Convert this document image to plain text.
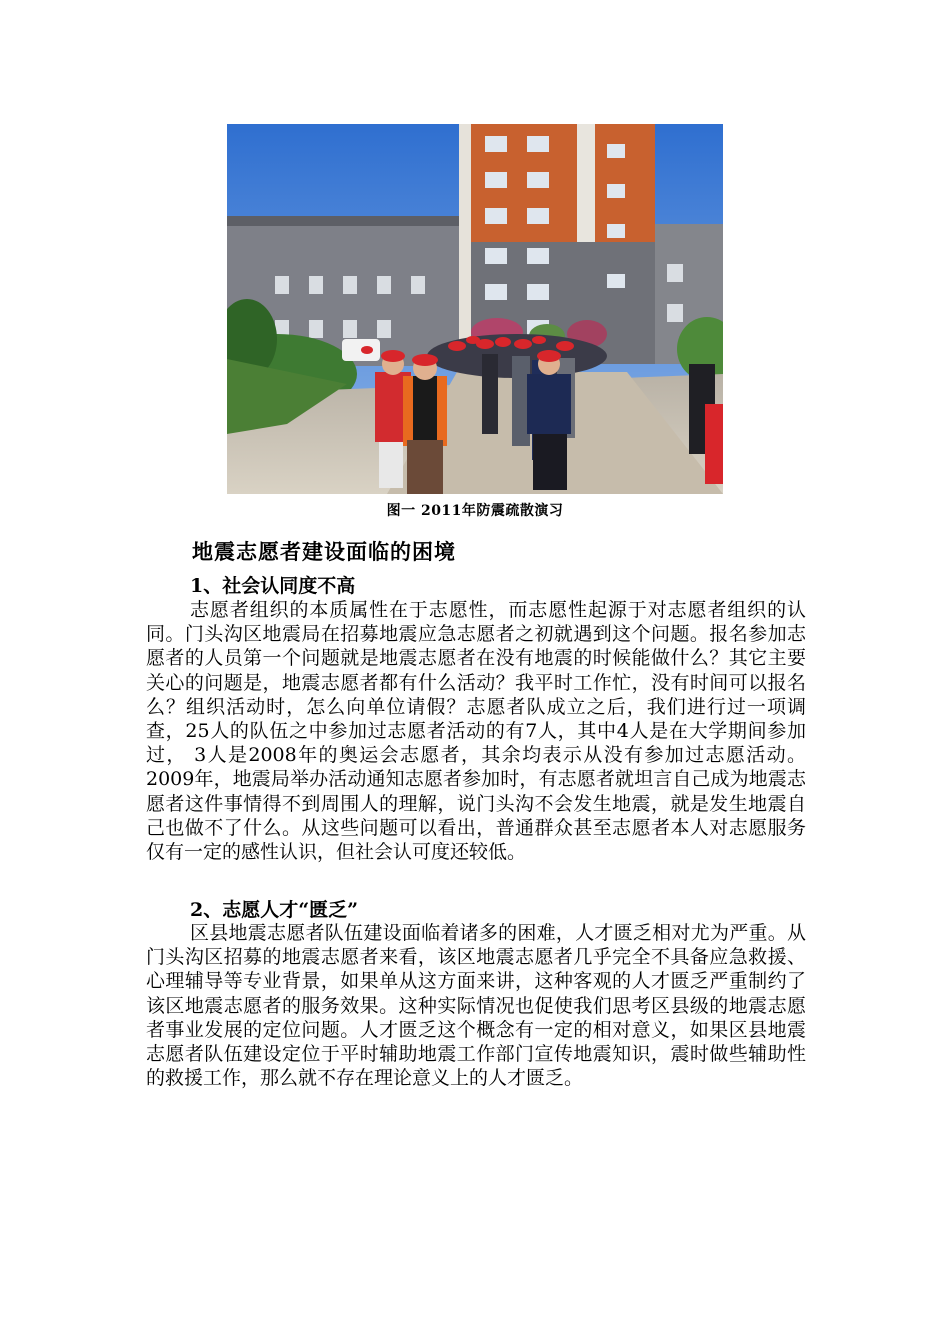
图一 2011年防震疏散演习
地震志愿者建设面临的困境
1、社会认同度不高
志愿者组织的本质属性在于志愿性，而志愿性起源于对志愿者组织的认同。门头沟区地震局在招募地震应急志愿者之初就遇到这个问题。报名参加志愿者的人员第一个问题就是地震志愿者在没有地震的时候能做什么？其它主要关心的问题是，地震志愿者都有什么活动？我平时工作忙，没有时间可以报名么？组织活动时，怎么向单位请假？志愿者队成立之后，我们进行过一项调查，25人的队伍之中参加过志愿者活动的有7人，其中4人是在大学期间参加过， 3人是2008年的奥运会志愿者，其余均表示从没有参加过志愿活动。2009年，地震局举办活动通知志愿者参加时，有志愿者就坦言自己成为地震志愿者这件事情得不到周围人的理解，说门头沟不会发生地震，就是发生地震自己也做不了什么。从这些问题可以看出，普通群众甚至志愿者本人对志愿服务仅有一定的感性认识，但社会认可度还较低。
2、志愿人才“匮乏”
区县地震志愿者队伍建设面临着诸多的困难，人才匮乏相对尤为严重。从门头沟区招募的地震志愿者来看，该区地震志愿者几乎完全不具备应急救援、心理辅导等专业背景，如果单从这方面来讲，这种客观的人才匮乏严重制约了该区地震志愿者的服务效果。这种实际情况也促使我们思考区县级的地震志愿者事业发展的定位问题。人才匮乏这个概念有一定的相对意义，如果区县地震志愿者队伍建设定位于平时辅助地震工作部门宣传地震知识，震时做些辅助性的救援工作，那么就不存在理论意义上的人才匮乏。
